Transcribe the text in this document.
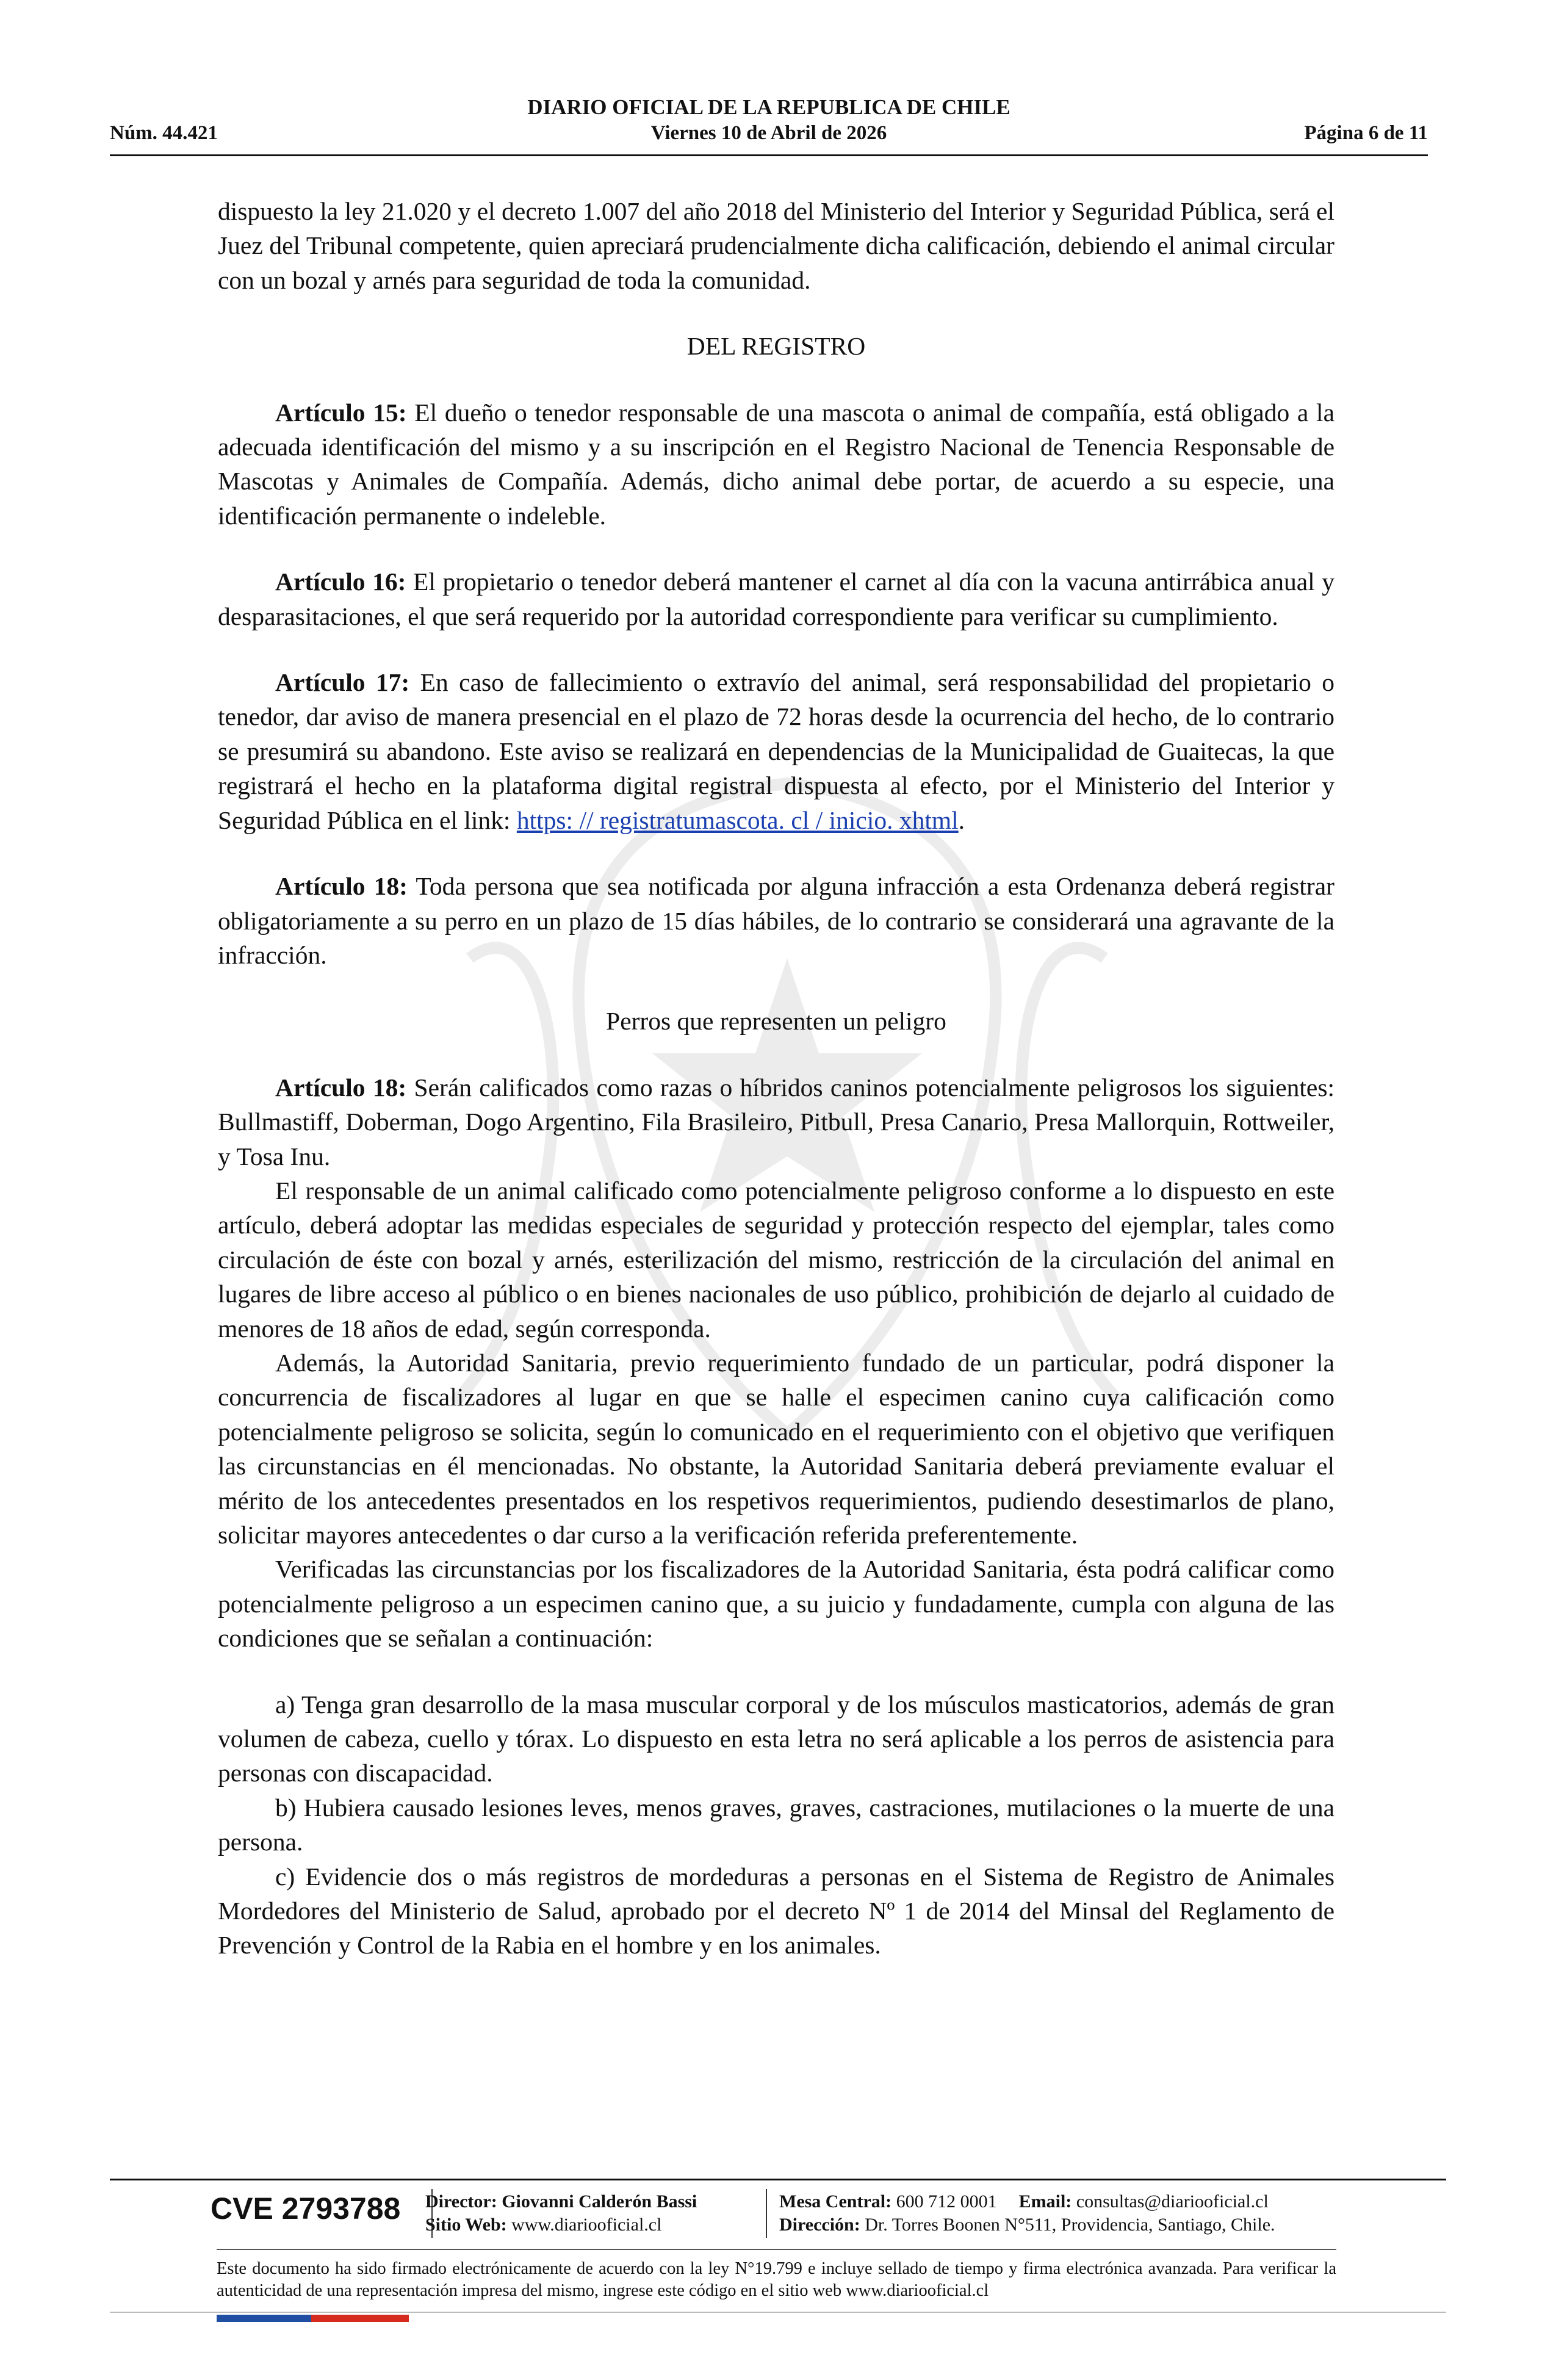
DIARIO OFICIAL DE LA REPUBLICA DE CHILE
Núm. 44.421	Viernes 10 de Abril de 2026	Página 6 de 11

dispuesto la ley 21.020 y el decreto 1.007 del año 2018 del Ministerio del Interior y Seguridad Pública, será el Juez del Tribunal competente, quien apreciará prudencialmente dicha calificación, debiendo el animal circular con un bozal y arnés para seguridad de toda la comunidad.

DEL REGISTRO

Artículo 15: El dueño o tenedor responsable de una mascota o animal de compañía, está obligado a la adecuada identificación del mismo y a su inscripción en el Registro Nacional de Tenencia Responsable de Mascotas y Animales de Compañía. Además, dicho animal debe portar, de acuerdo a su especie, una identificación permanente o indeleble.

Artículo 16: El propietario o tenedor deberá mantener el carnet al día con la vacuna antirrábica anual y desparasitaciones, el que será requerido por la autoridad correspondiente para verificar su cumplimiento.

Artículo 17: En caso de fallecimiento o extravío del animal, será responsabilidad del propietario o tenedor, dar aviso de manera presencial en el plazo de 72 horas desde la ocurrencia del hecho, de lo contrario se presumirá su abandono. Este aviso se realizará en dependencias de la Municipalidad de Guaitecas, la que registrará el hecho en la plataforma digital registral dispuesta al efecto, por el Ministerio del Interior y Seguridad Pública en el link: https: // registratumascota. cl / inicio. xhtml.

Artículo 18: Toda persona que sea notificada por alguna infracción a esta Ordenanza deberá registrar obligatoriamente a su perro en un plazo de 15 días hábiles, de lo contrario se considerará una agravante de la infracción.

Perros que representen un peligro

Artículo 18: Serán calificados como razas o híbridos caninos potencialmente peligrosos los siguientes: Bullmastiff, Doberman, Dogo Argentino, Fila Brasileiro, Pitbull, Presa Canario, Presa Mallorquin, Rottweiler, y Tosa Inu.

El responsable de un animal calificado como potencialmente peligroso conforme a lo dispuesto en este artículo, deberá adoptar las medidas especiales de seguridad y protección respecto del ejemplar, tales como circulación de éste con bozal y arnés, esterilización del mismo, restricción de la circulación del animal en lugares de libre acceso al público o en bienes nacionales de uso público, prohibición de dejarlo al cuidado de menores de 18 años de edad, según corresponda.

Además, la Autoridad Sanitaria, previo requerimiento fundado de un particular, podrá disponer la concurrencia de fiscalizadores al lugar en que se halle el especimen canino cuya calificación como potencialmente peligroso se solicita, según lo comunicado en el requerimiento con el objetivo que verifiquen las circunstancias en él mencionadas. No obstante, la Autoridad Sanitaria deberá previamente evaluar el mérito de los antecedentes presentados en los respetivos requerimientos, pudiendo desestimarlos de plano, solicitar mayores antecedentes o dar curso a la verificación referida preferentemente.

Verificadas las circunstancias por los fiscalizadores de la Autoridad Sanitaria, ésta podrá calificar como potencialmente peligroso a un especimen canino que, a su juicio y fundadamente, cumpla con alguna de las condiciones que se señalan a continuación:

a) Tenga gran desarrollo de la masa muscular corporal y de los músculos masticatorios, además de gran volumen de cabeza, cuello y tórax. Lo dispuesto en esta letra no será aplicable a los perros de asistencia para personas con discapacidad.

b) Hubiera causado lesiones leves, menos graves, graves, castraciones, mutilaciones o la muerte de una persona.

c) Evidencie dos o más registros de mordeduras a personas en el Sistema de Registro de Animales Mordedores del Ministerio de Salud, aprobado por el decreto Nº 1 de 2014 del Minsal del Reglamento de Prevención y Control de la Rabia en el hombre y en los animales.

CVE 2793788 Director: Giovanni Calderón Bassi
Sitio Web: www.diariooficial.cl
Mesa Central: 600 712 0001 Email: consultas@diariooficial.cl
Dirección: Dr. Torres Boonen N°511, Providencia, Santiago, Chile.
Este documento ha sido firmado electrónicamente de acuerdo con la ley N°19.799 e incluye sellado de tiempo y firma electrónica avanzada. Para verificar la autenticidad de una representación impresa del mismo, ingrese este código en el sitio web www.diariooficial.cl
